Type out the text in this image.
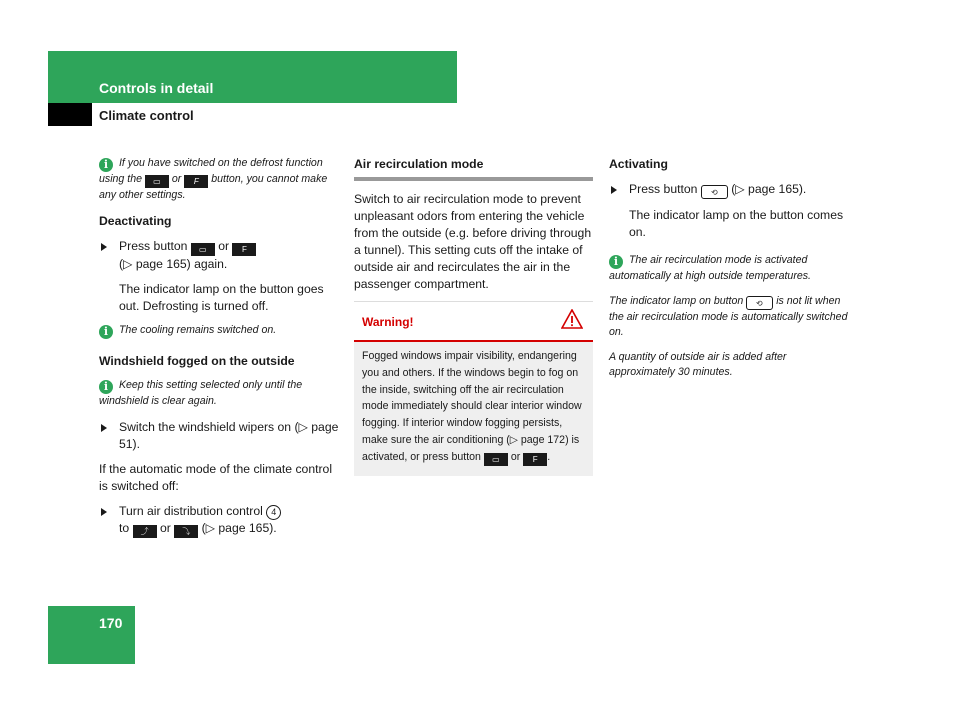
Controls in detail
Climate control
i If you have switched on the defrost function using the ▭ or F button, you cannot make any other settings.
Deactivating
Press button ▭ or F
(▷ page 165) again.

The indicator lamp on the button goes out. Defrosting is turned off.

i The cooling remains switched on.
Windshield fogged on the outside
i Keep this setting selected only until the windshield is clear again.
Switch the windshield wipers on (▷ page 51).

If the automatic mode of the climate control is switched off:

Turn air distribution control 4
to ⤴ or ⤵ (▷ page 165).
Air recirculation mode

Switch to air recirculation mode to prevent unpleasant odors from entering the vehicle from the outside (e.g. before driving through a tunnel). This setting cuts off the intake of outside air and recirculates the air in the passenger compartment.

Warning!
Fogged windows impair visibility, endangering you and others. If the windows begin to fog on the inside, switching off the air recirculation mode immediately should clear interior window fogging. If interior window fogging persists, make sure the air conditioning (▷ page 172) is activated, or press button ▭ or F .
Activating
Press button ⟲ (▷ page 165).

The indicator lamp on the button comes on.

i The air recirculation mode is activated automatically at high outside temperatures.
The indicator lamp on button ⟲ is not lit when the air recirculation mode is automatically switched on.
A quantity of outside air is added after approximately 30 minutes.
170
